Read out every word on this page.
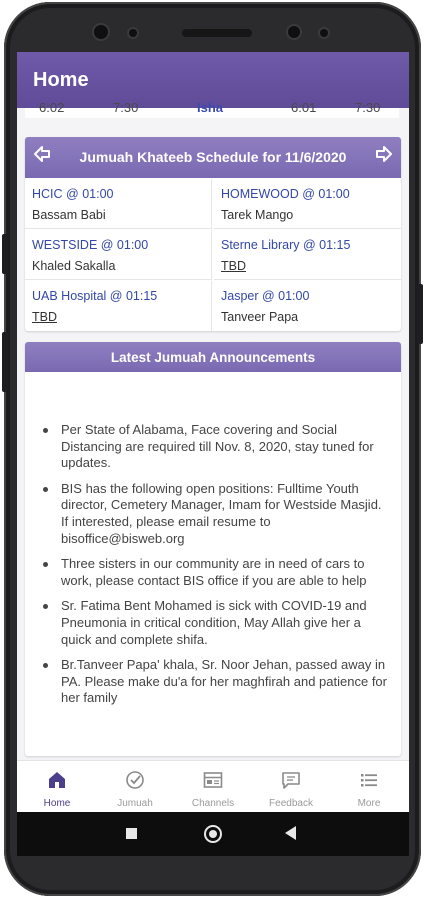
Home
6:02	7:30	Isha	6:01	7:30
Jumuah Khateeb Schedule for 11/6/2020
HCIC @ 01:00
Bassam Babi
HOMEWOOD @ 01:00
Tarek Mango
WESTSIDE @ 01:00
Khaled Sakalla
Sterne Library @ 01:15
TBD
UAB Hospital @ 01:15
TBD
Jasper @ 01:00
Tanveer Papa
Latest Jumuah Announcements
Per State of Alabama, Face covering and Social Distancing are required till Nov. 8, 2020, stay tuned for updates.
BIS has the following open positions: Fulltime Youth director, Cemetery Manager, Imam for Westside Masjid. If interested, please email resume to bisoffice@bisweb.org
Three sisters in our community are in need of cars to work, please contact BIS office if you are able to help
Sr. Fatima Bent Mohamed is sick with COVID-19 and Pneumonia in critical condition, May Allah give her a quick and complete shifa.
Br.Tanveer Papa' khala, Sr. Noor Jehan, passed away in PA. Please make du'a for her maghfirah and patience for her family
Home	Jumuah	Channels	Feedback	More
